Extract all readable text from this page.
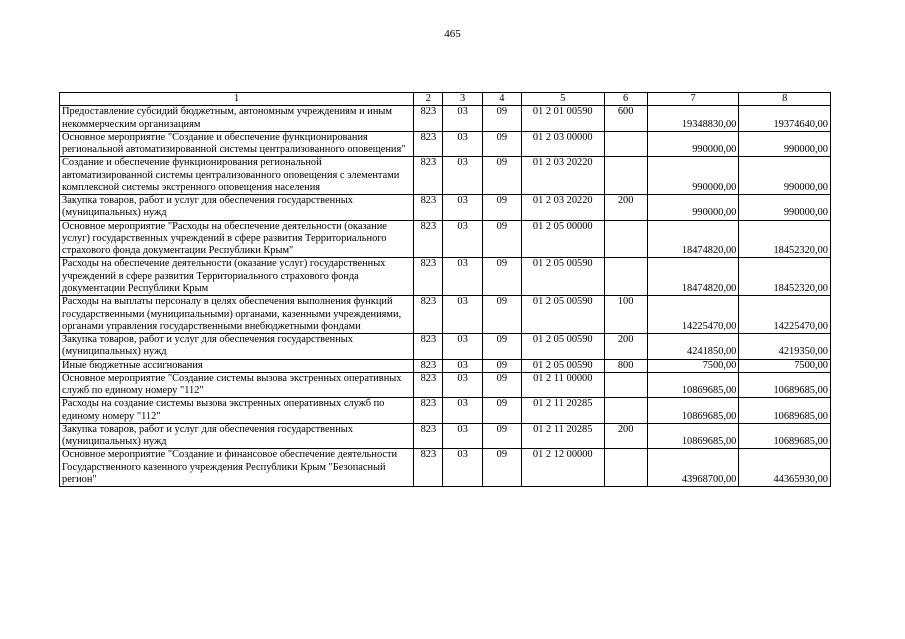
465
1	2	3	4	5	6	7	8
Предоставление субсидий бюджетным, автономным учреждениям и иным некоммерческим организациям	823	03	09	01 2 01 00590	600	19348830,00	19374640,00
Основное мероприятие "Создание и обеспечение функционирования региональной автоматизированной системы централизованного оповещения"	823	03	09	01 2 03 00000		990000,00	990000,00
Создание и обеспечение функционирования региональной автоматизированной системы централизованного оповещения с элементами комплексной системы экстренного оповещения населения	823	03	09	01 2 03 20220		990000,00	990000,00
Закупка товаров, работ и услуг для обеспечения государственных (муниципальных) нужд	823	03	09	01 2 03 20220	200	990000,00	990000,00
Основное мероприятие "Расходы на обеспечение деятельности (оказание услуг) государственных учреждений в сфере развития Территориального страхового фонда документации Республики Крым"	823	03	09	01 2 05 00000		18474820,00	18452320,00
Расходы на обеспечение деятельности (оказание услуг) государственных учреждений в сфере развития Территориального страхового фонда документации Республики Крым	823	03	09	01 2 05 00590		18474820,00	18452320,00
Расходы на выплаты персоналу в целях обеспечения выполнения функций государственными (муниципальными) органами, казенными учреждениями, органами управления государственными внебюджетными фондами	823	03	09	01 2 05 00590	100	14225470,00	14225470,00
Закупка товаров, работ и услуг для обеспечения государственных (муниципальных) нужд	823	03	09	01 2 05 00590	200	4241850,00	4219350,00
Иные бюджетные ассигнования	823	03	09	01 2 05 00590	800	7500,00	7500,00
Основное мероприятие "Создание системы вызова экстренных оперативных служб по единому номеру "112"	823	03	09	01 2 11 00000		10869685,00	10689685,00
Расходы на создание системы вызова экстренных оперативных служб по единому номеру "112"	823	03	09	01 2 11 20285		10869685,00	10689685,00
Закупка товаров, работ и услуг для обеспечения государственных (муниципальных) нужд	823	03	09	01 2 11 20285	200	10869685,00	10689685,00
Основное мероприятие "Создание и финансовое обеспечение деятельности Государственного казенного учреждения Республики Крым "Безопасный регион"	823	03	09	01 2 12 00000		43968700,00	44365930,00
